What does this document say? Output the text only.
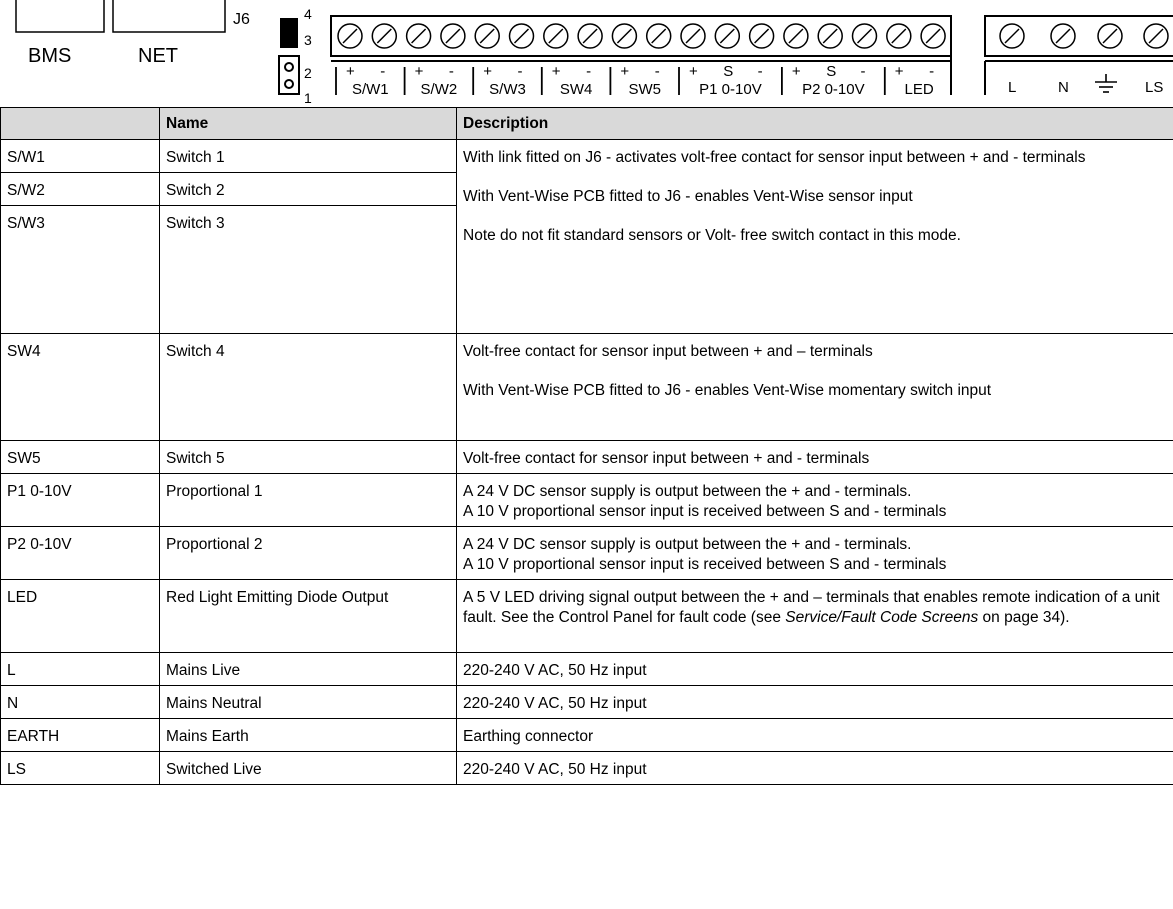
BMS	NET
J6	4
3
2
1
+ -
S/W1
+ -
S/W2
+ -
S/W3
+ -
SW4
+ -
SW5
+ S -
P1 0-10V
+ S -
P2 0-10V
+ -
LED	L	N	LS
	Name	Description
S/W1	Switch 1	With link fitted on J6 - activates volt-free contact for sensor input between + and - terminals
With Vent-Wise PCB fitted to J6 - enables Vent-Wise sensor input
Note do not fit standard sensors or Volt- free switch contact in this mode.
S/W2	Switch 2	
S/W3	Switch 3	
SW4	Switch 4	Volt-free contact for sensor input between + and – terminals
With Vent-Wise PCB fitted to J6 - enables Vent-Wise momentary switch input
SW5	Switch 5	Volt-free contact for sensor input between + and - terminals
P1 0-10V	Proportional 1	A 24 V DC sensor supply is output between the + and - terminals.
A 10 V proportional sensor input is received between S and - terminals
P2 0-10V	Proportional 2	A 24 V DC sensor supply is output between the + and - terminals.
A 10 V proportional sensor input is received between S and - terminals
LED	Red Light Emitting Diode Output	A 5 V LED driving signal output between the + and – terminals that enables remote indication of a unit fault. See the Control Panel for fault code (see Service/Fault Code Screens on page 34).
L	Mains Live	220-240 V AC, 50 Hz input
N	Mains Neutral	220-240 V AC, 50 Hz input
EARTH	Mains Earth	Earthing connector
LS	Switched Live	220-240 V AC, 50 Hz input
